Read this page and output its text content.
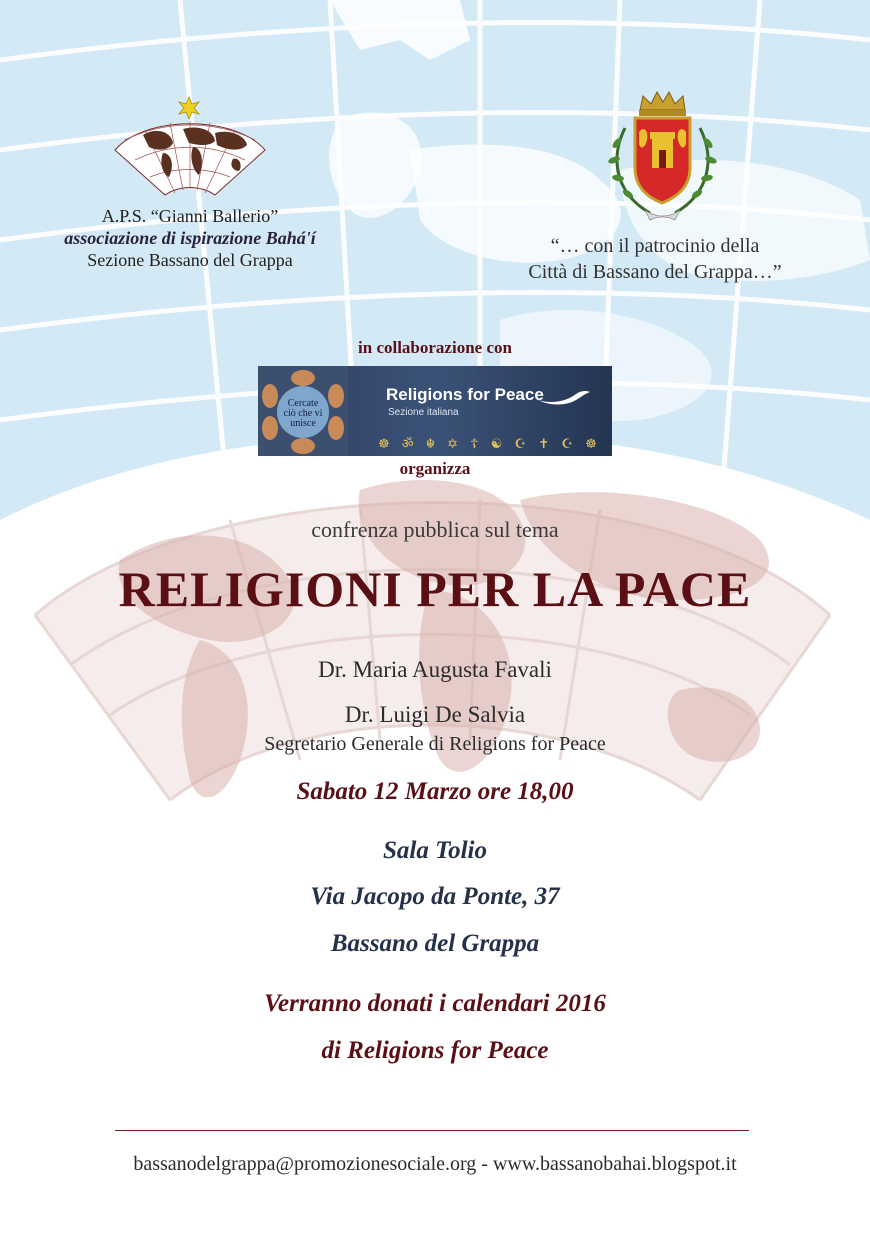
A.P.S. “Gianni Ballerio”
associazione di ispirazione Bahá'í
Sezione Bassano del Grappa
“… con il patrocinio della
Città di Bassano del Grappa…”
in collaborazione con
Cercate
ciò che vi
unisce
Religions for Peace
Sezione italiana
☸ ॐ ☬ ✡ ☦ ☯ ☪ ✝ ☪ ☸
organizza
confrenza pubblica sul tema
RELIGIONI PER LA PACE
Dr. Maria Augusta Favali
Dr. Luigi De Salvia
Segretario Generale di Religions for Peace
Sabato 12 Marzo ore 18,00
Sala Tolio
Via Jacopo da Ponte, 37
Bassano del Grappa
Verranno donati i calendari 2016
di Religions for Peace
bassanodelgrappa@promozionesociale.org - www.bassanobahai.blogspot.it
